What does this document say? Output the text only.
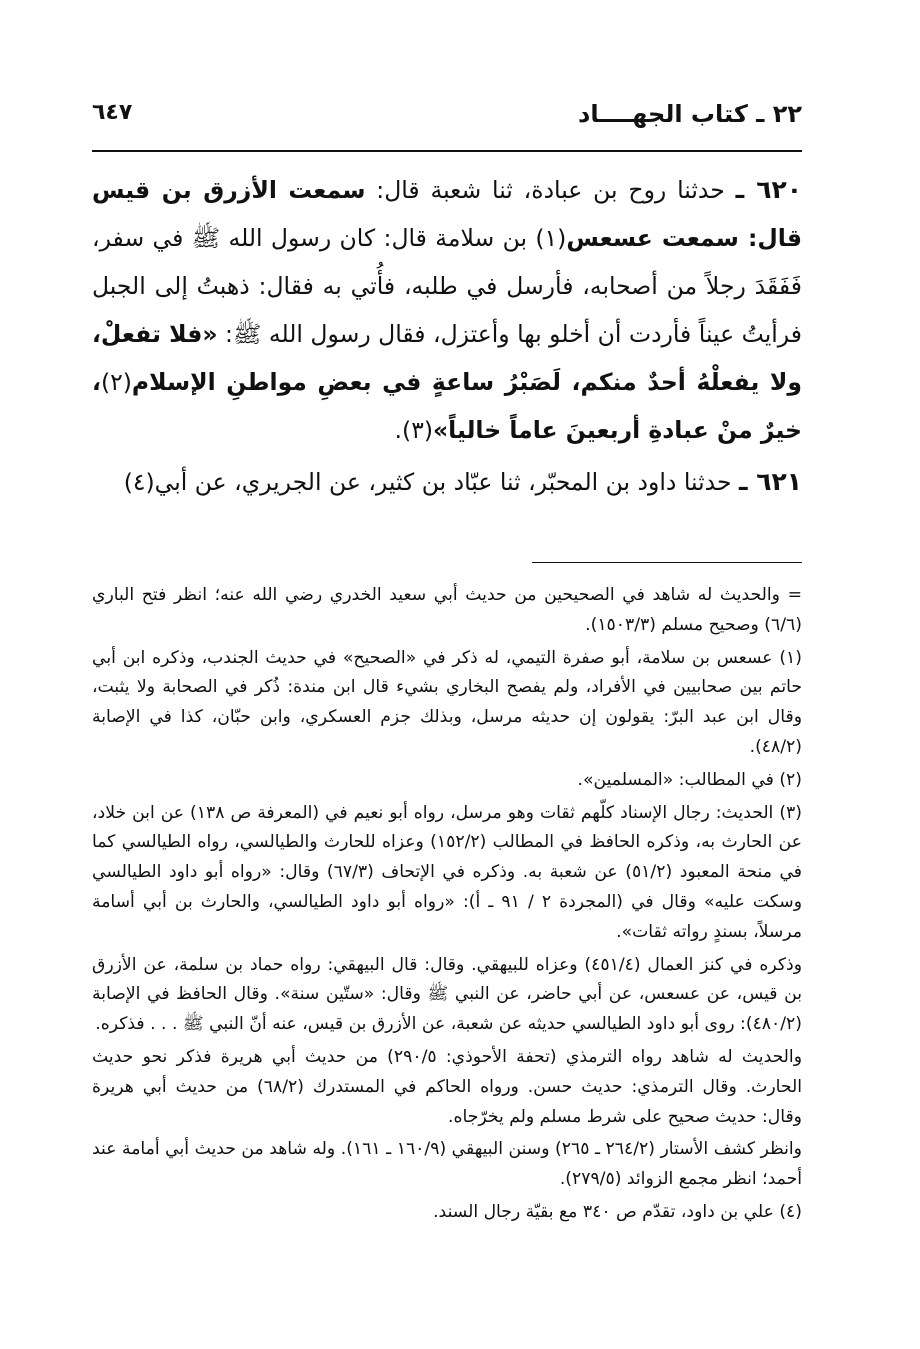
٢٢ ـ كتاب الجهــــاد
٦٤٧

٦٢٠ ـ حدثنا روح بن عبادة، ثنا شعبة قال: سمعت الأزرق بن قيس قال: سمعت عسعس(١) بن سلامة قال: كان رسول الله ﷺ في سفر، فَفَقَدَ رجلاً من أصحابه، فأرسل في طلبه، فأُتي به فقال: ذهبتُ إلى الجبل فرأيتُ عيناً فأردت أن أخلو بها وأعتزل، فقال رسول الله ﷺ: «فلا تفعلْ، ولا يفعلْهُ أحدٌ منكم، لَصَبْرُ ساعةٍ في بعضِ مواطنِ الإسلام(٢)، خيرٌ منْ عبادةِ أربعينَ عاماً خالياً»(٣).

٦٢١ ـ حدثنا داود بن المحبّر، ثنا عبّاد بن كثير، عن الجريري، عن أبي(٤)

= والحديث له شاهد في الصحيحين من حديث أبي سعيد الخدري رضي الله عنه؛ انظر فتح الباري (٦/٦) وصحيح مسلم (١٥٠٣/٣).

(١) عسعس بن سلامة، أبو صفرة التيمي، له ذكر في «الصحيح» في حديث الجندب، وذكره ابن أبي حاتم بين صحابيين في الأفراد، ولم يفصح البخاري بشيء قال ابن مندة: ذُكر في الصحابة ولا يثبت، وقال ابن عبد البرّ: يقولون إن حديثه مرسل، وبذلك جزم العسكري، وابن حبّان، كذا في الإصابة (٤٨/٢).

(٢) في المطالب: «المسلمين».

(٣) الحديث: رجال الإسناد كلّهم ثقات وهو مرسل، رواه أبو نعيم في (المعرفة ص ١٣٨) عن ابن خلاد، عن الحارث به، وذكره الحافظ في المطالب (١٥٢/٢) وعزاه للحارث والطيالسي، رواه الطيالسي كما في منحة المعبود (٥١/٢) عن شعبة به. وذكره في الإتحاف (٦٧/٣) وقال: «رواه أبو داود الطيالسي وسكت عليه» وقال في (المجردة ٢ / ٩١ ـ أ): «رواه أبو داود الطيالسي، والحارث بن أبي أسامة مرسلاً، بسندٍ رواته ثقات».

وذكره في كنز العمال (٤٥١/٤) وعزاه للبيهقي. وقال: قال البيهقي: رواه حماد بن سلمة، عن الأزرق بن قيس، عن عسعس، عن أبي حاضر، عن النبي ﷺ وقال: «ستّين سنة». وقال الحافظ في الإصابة (٤٨٠/٢): روى أبو داود الطيالسي حديثه عن شعبة، عن الأزرق بن قيس، عنه أنّ النبي ﷺ . . . فذكره.

والحديث له شاهد رواه الترمذي (تحفة الأحوذي: ٢٩٠/٥) من حديث أبي هريرة فذكر نحو حديث الحارث. وقال الترمذي: حديث حسن. ورواه الحاكم في المستدرك (٦٨/٢) من حديث أبي هريرة وقال: حديث صحيح على شرط مسلم ولم يخرّجاه.

وانظر كشف الأستار (٢٦٤/٢ ـ ٢٦٥) وسنن البيهقي (١٦٠/٩ ـ ١٦١). وله شاهد من حديث أبي أمامة عند أحمد؛ انظر مجمع الزوائد (٢٧٩/٥).

(٤) علي بن داود، تقدّم ص ٣٤٠ مع بقيّة رجال السند.
